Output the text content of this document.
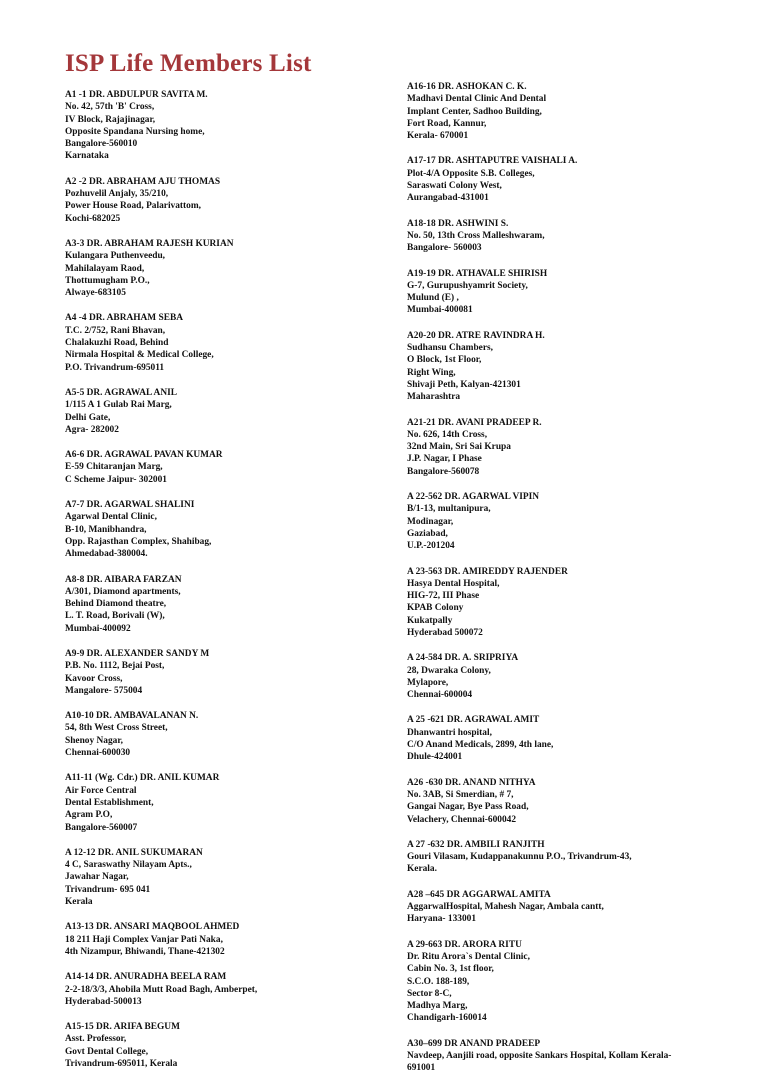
ISP Life Members List
A1 -1 DR. ABDULPUR SAVITA M.
No. 42, 57th 'B' Cross,
IV Block, Rajajinagar,
Opposite Spandana Nursing home,
Bangalore-560010
Karnataka
A2 -2 DR. ABRAHAM AJU THOMAS
Pozhuvelil Anjaly, 35/210,
Power House Road, Palarivattom,
Kochi-682025
A3-3 DR. ABRAHAM RAJESH KURIAN
Kulangara Puthenveedu,
Mahilalayam Raod,
Thottumugham P.O.,
Alwaye-683105
A4 -4 DR. ABRAHAM SEBA
T.C. 2/752, Rani Bhavan,
Chalakuzhi Road, Behind
Nirmala Hospital & Medical College,
P.O. Trivandrum-695011
A5-5 DR. AGRAWAL ANIL
1/115 A 1 Gulab Rai Marg,
Delhi Gate,
Agra- 282002
A6-6 DR. AGRAWAL PAVAN KUMAR
E-59 Chitaranjan Marg,
C Scheme Jaipur- 302001
A7-7 DR. AGARWAL SHALINI
Agarwal Dental Clinic,
B-10, Manibhandra,
Opp. Rajasthan Complex, Shahibag,
Ahmedabad-380004.
A8-8 DR. AIBARA FARZAN
A/301, Diamond apartments,
Behind Diamond theatre,
L. T. Road, Borivali (W),
Mumbai-400092
A9-9 DR. ALEXANDER SANDY M
P.B. No. 1112, Bejai Post,
Kavoor Cross,
Mangalore- 575004
A10-10 DR. AMBAVALANAN N.
54, 8th West Cross Street,
Shenoy Nagar,
Chennai-600030
A11-11 (Wg. Cdr.) DR. ANIL KUMAR
Air Force Central
Dental Establishment,
Agram P.O,
Bangalore-560007
A 12-12 DR. ANIL SUKUMARAN
4 C, Saraswathy Nilayam Apts.,
Jawahar Nagar,
Trivandrum- 695 041
Kerala
A13-13 DR. ANSARI MAQBOOL AHMED
18 211 Haji Complex Vanjar Pati Naka,
4th Nizampur, Bhiwandi, Thane-421302
A14-14 DR. ANURADHA BEELA RAM
2-2-18/3/3, Ahobila Mutt Road Bagh, Amberpet,
Hyderabad-500013
A15-15 DR. ARIFA BEGUM
Asst. Professor,
Govt Dental College,
Trivandrum-695011, Kerala
A16-16 DR. ASHOKAN C. K.
Madhavi Dental Clinic And Dental
Implant Center, Sadhoo Building,
Fort Road, Kannur,
Kerala- 670001
A17-17 DR. ASHTAPUTRE VAISHALI A.
Plot-4/A Opposite S.B. Colleges,
Saraswati Colony West,
Aurangabad-431001
A18-18 DR. ASHWINI S.
No. 50, 13th Cross Malleshwaram,
Bangalore- 560003
A19-19 DR. ATHAVALE SHIRISH
G-7, Gurupushyamrit Society,
Mulund (E) ,
Mumbai-400081
A20-20 DR. ATRE RAVINDRA H.
Sudhansu Chambers,
O Block, 1st Floor,
Right Wing,
Shivaji Peth, Kalyan-421301
Maharashtra
A21-21 DR. AVANI PRADEEP R.
No. 626, 14th Cross,
32nd Main, Sri Sai Krupa
J.P. Nagar, I Phase
Bangalore-560078
A 22-562 DR. AGARWAL VIPIN
B/1-13, multanipura,
Modinagar,
Gaziabad,
U.P.-201204
A 23-563 DR. AMIREDDY RAJENDER
Hasya Dental Hospital,
HIG-72, III Phase
KPAB Colony
Kukatpally
Hyderabad 500072
A 24-584 DR. A. SRIPRIYA
28, Dwaraka Colony,
Mylapore,
Chennai-600004
A 25 -621 DR. AGRAWAL AMIT
Dhanwantri hospital,
C/O Anand Medicals, 2899, 4th lane,
Dhule-424001
A26 -630 DR. ANAND NITHYA
No. 3AB, Si Smerdian, # 7,
Gangai Nagar, Bye Pass Road,
Velachery, Chennai-600042
A 27 -632 DR. AMBILI RANJITH
Gouri Vilasam, Kudappanakunnu P.O., Trivandrum-43,
Kerala.
A28 –645 DR AGGARWAL AMITA
AggarwalHospital, Mahesh Nagar, Ambala cantt,
Haryana- 133001
A 29-663 DR. ARORA RITU
Dr. Ritu Arora`s Dental Clinic,
Cabin No. 3, 1st floor,
S.C.O. 188-189,
Sector 8-C,
Madhya Marg,
Chandigarh-160014
A30–699 DR ANAND PRADEEP
Navdeep, Aanjili road, opposite Sankars Hospital, Kollam Kerala-
691001
